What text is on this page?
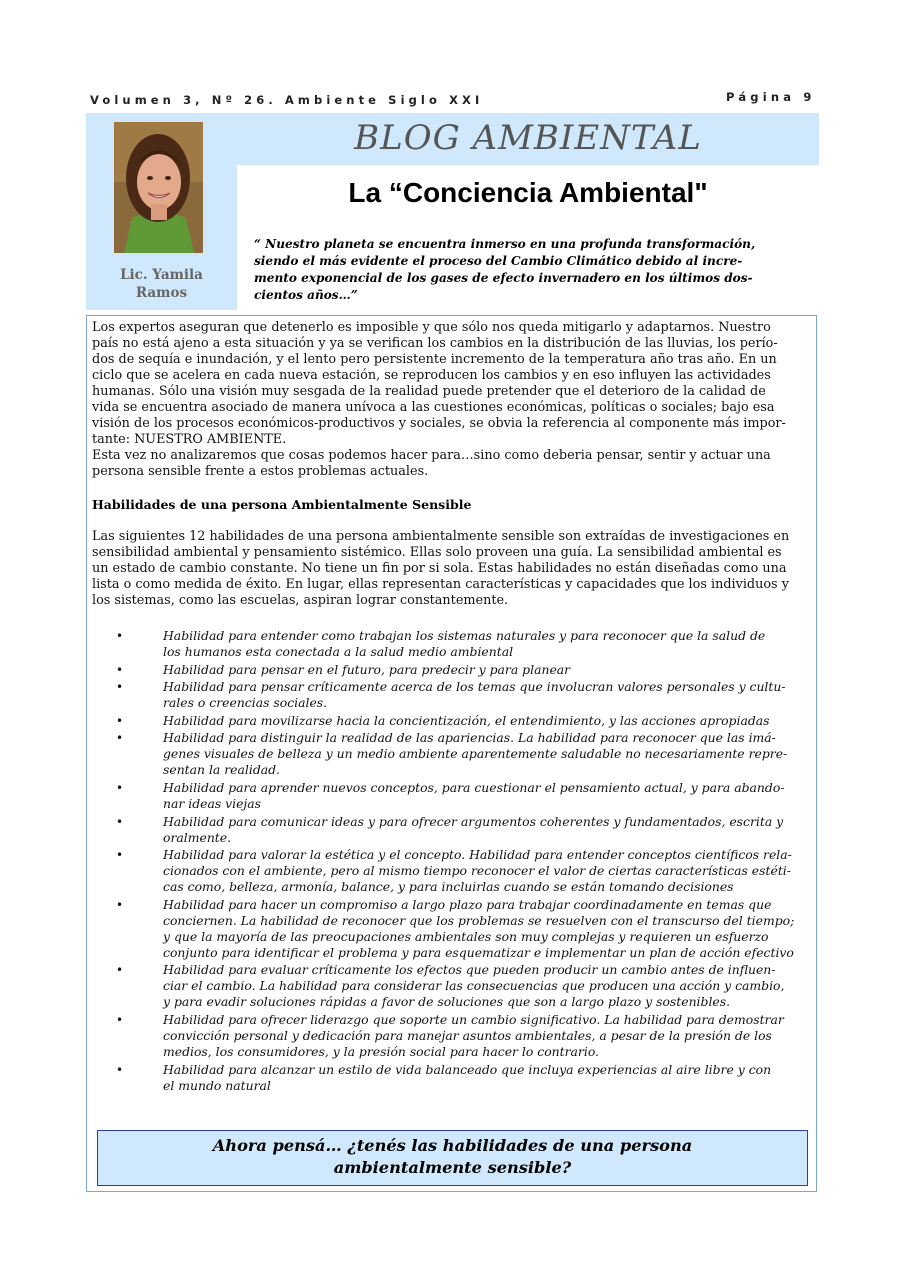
Volumen 3, Nº 26. Ambiente Siglo XXI	Página 9
BLOG AMBIENTAL
Lic. Yamila
Ramos
La “Conciencia Ambiental"
“ Nuestro planeta se encuentra inmerso en una profunda transformación,
siendo el más evidente el proceso del Cambio Climático debido al incre-
mento exponencial de los gases de efecto invernadero en los últimos dos-
cientos años…”

Los expertos aseguran que detenerlo es imposible y que sólo nos queda mitigarlo y adaptarnos. Nuestro
país no está ajeno a esta situación y ya se verifican los cambios en la distribución de las lluvias, los perío-
dos de sequía e inundación, y el lento pero persistente incremento de la temperatura año tras año. En un
ciclo que se acelera en cada nueva estación, se reproducen los cambios y en eso influyen las actividades
humanas. Sólo una visión muy sesgada de la realidad puede pretender que el deterioro de la calidad de
vida se encuentra asociado de manera unívoca a las cuestiones económicas, políticas o sociales; bajo esa
visión de los procesos económicos-productivos y sociales, se obvia la referencia al componente más impor-
tante: NUESTRO AMBIENTE.

Esta vez no analizaremos que cosas podemos hacer para…sino como deberia pensar, sentir y actuar una
persona sensible frente a estos problemas actuales.

Habilidades de una persona Ambientalmente Sensible

Las siguientes 12 habilidades de una persona ambientalmente sensible son extraídas de investigaciones en
sensibilidad ambiental y pensamiento sistémico. Ellas solo proveen una guía. La sensibilidad ambiental es
un estado de cambio constante. No tiene un fin por si sola. Estas habilidades no están diseñadas como una
lista o como medida de éxito. En lugar, ellas representan características y capacidades que los individuos y
los sistemas, como las escuelas, aspiran lograr constantemente.

•	Habilidad para entender como trabajan los sistemas naturales y para reconocer que la salud de
los humanos esta conectada a la salud medio ambiental
•	Habilidad para pensar en el futuro, para predecir y para planear
•	Habilidad para pensar críticamente acerca de los temas que involucran valores personales y cultu-
rales o creencias sociales.
•	Habilidad para movilizarse hacia la concientización, el entendimiento, y las acciones apropiadas
•	Habilidad para distinguir la realidad de las apariencias. La habilidad para reconocer que las imá-
genes visuales de belleza y un medio ambiente aparentemente saludable no necesariamente repre-
sentan la realidad.
•	Habilidad para aprender nuevos conceptos, para cuestionar el pensamiento actual, y para abando-
nar ideas viejas
•	Habilidad para comunicar ideas y para ofrecer argumentos coherentes y fundamentados, escrita y
oralmente.
•	Habilidad para valorar la estética y el concepto. Habilidad para entender conceptos científicos rela-
cionados con el ambiente, pero al mismo tiempo reconocer el valor de ciertas características estéti-
cas como, belleza, armonía, balance, y para incluirlas cuando se están tomando decisiones
•	Habilidad para hacer un compromiso a largo plazo para trabajar coordinadamente en temas que
conciernen. La habilidad de reconocer que los problemas se resuelven con el transcurso del tiempo;
y que la mayoría de las preocupaciones ambientales son muy complejas y requieren un esfuerzo
conjunto para identificar el problema y para esquematizar e implementar un plan de acción efectivo
•	Habilidad para evaluar críticamente los efectos que pueden producir un cambio antes de influen-
ciar el cambio. La habilidad para considerar las consecuencias que producen una acción y cambio,
y para evadir soluciones rápidas a favor de soluciones que son a largo plazo y sostenibles.
•	Habilidad para ofrecer liderazgo que soporte un cambio significativo. La habilidad para demostrar
convicción personal y dedicación para manejar asuntos ambientales, a pesar de la presión de los
medios, los consumidores, y la presión social para hacer lo contrario.
•	Habilidad para alcanzar un estilo de vida balanceado que incluya experiencias al aire libre y con
el mundo natural
Ahora pensá… ¿tenés las habilidades de una persona
ambientalmente sensible?
